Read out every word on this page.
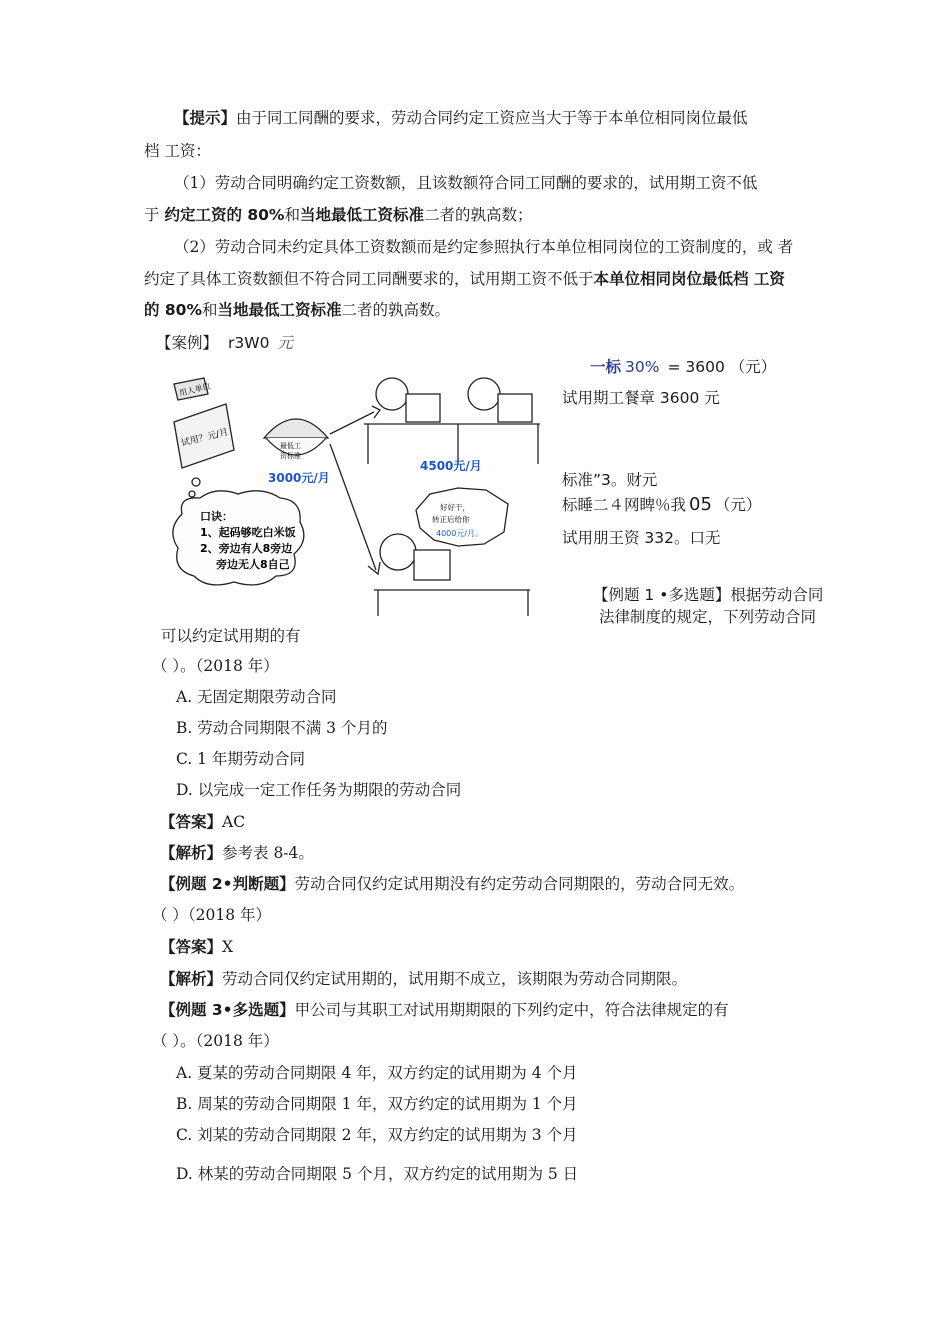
【提示】由于同工同酬的要求，劳动合同约定工资应当大于等于本单位相同岗位最低
档 工资：
（1）劳动合同明确约定工资数额，且该数额符合同工同酬的要求的，试用期工资不低
于 约定工资的 80%和当地最低工资标准二者的孰高数；
（2）劳动合同未约定具体工资数额而是约定参照执行本单位相同岗位的工资制度的，或 者
约定了具体工资数额但不符合同工同酬要求的，试用期工资不低于本单位相同岗位最低档 工资
的 80%和当地最低工资标准二者的孰高数。
【案例】 r3W0 元
一标 30% = 3600 （元）
试用期工餐章 3600 元
标准”3。财元
标睡二４网睥％我 05 （元）
试用朋王资 332。口无
用人单位
试用？元/月	最低工
资标准
3000元/月
4500元/月
好好干，
转正后给你
4000元/月。
口诀：
1、起码够吃白米饭
2、旁边有人8旁边
旁边无人8自己
【例题 1 •多选题】根据劳动合同
法律制度的规定，下列劳动合同
可以约定试用期的有
（ ）。（2018 年）
A. 无固定期限劳动合同
B. 劳动合同期限不满 3 个月的
C. 1 年期劳动合同
D. 以完成一定工作任务为期限的劳动合同
【答案】AC
【解析】参考表 8-4。
【例题 2•判断题】劳动合同仅约定试用期没有约定劳动合同期限的，劳动合同无效。
（ ）（2018 年）
【答案】X
【解析】劳动合同仅约定试用期的，试用期不成立，该期限为劳动合同期限。
【例题 3•多选题】甲公司与其职工对试用期期限的下列约定中，符合法律规定的有
（ ）。（2018 年）
A. 夏某的劳动合同期限 4 年，双方约定的试用期为 4 个月
B. 周某的劳动合同期限 1 年，双方约定的试用期为 1 个月
C. 刘某的劳动合同期限 2 年，双方约定的试用期为 3 个月
D. 林某的劳动合同期限 5 个月，双方约定的试用期为 5 日
